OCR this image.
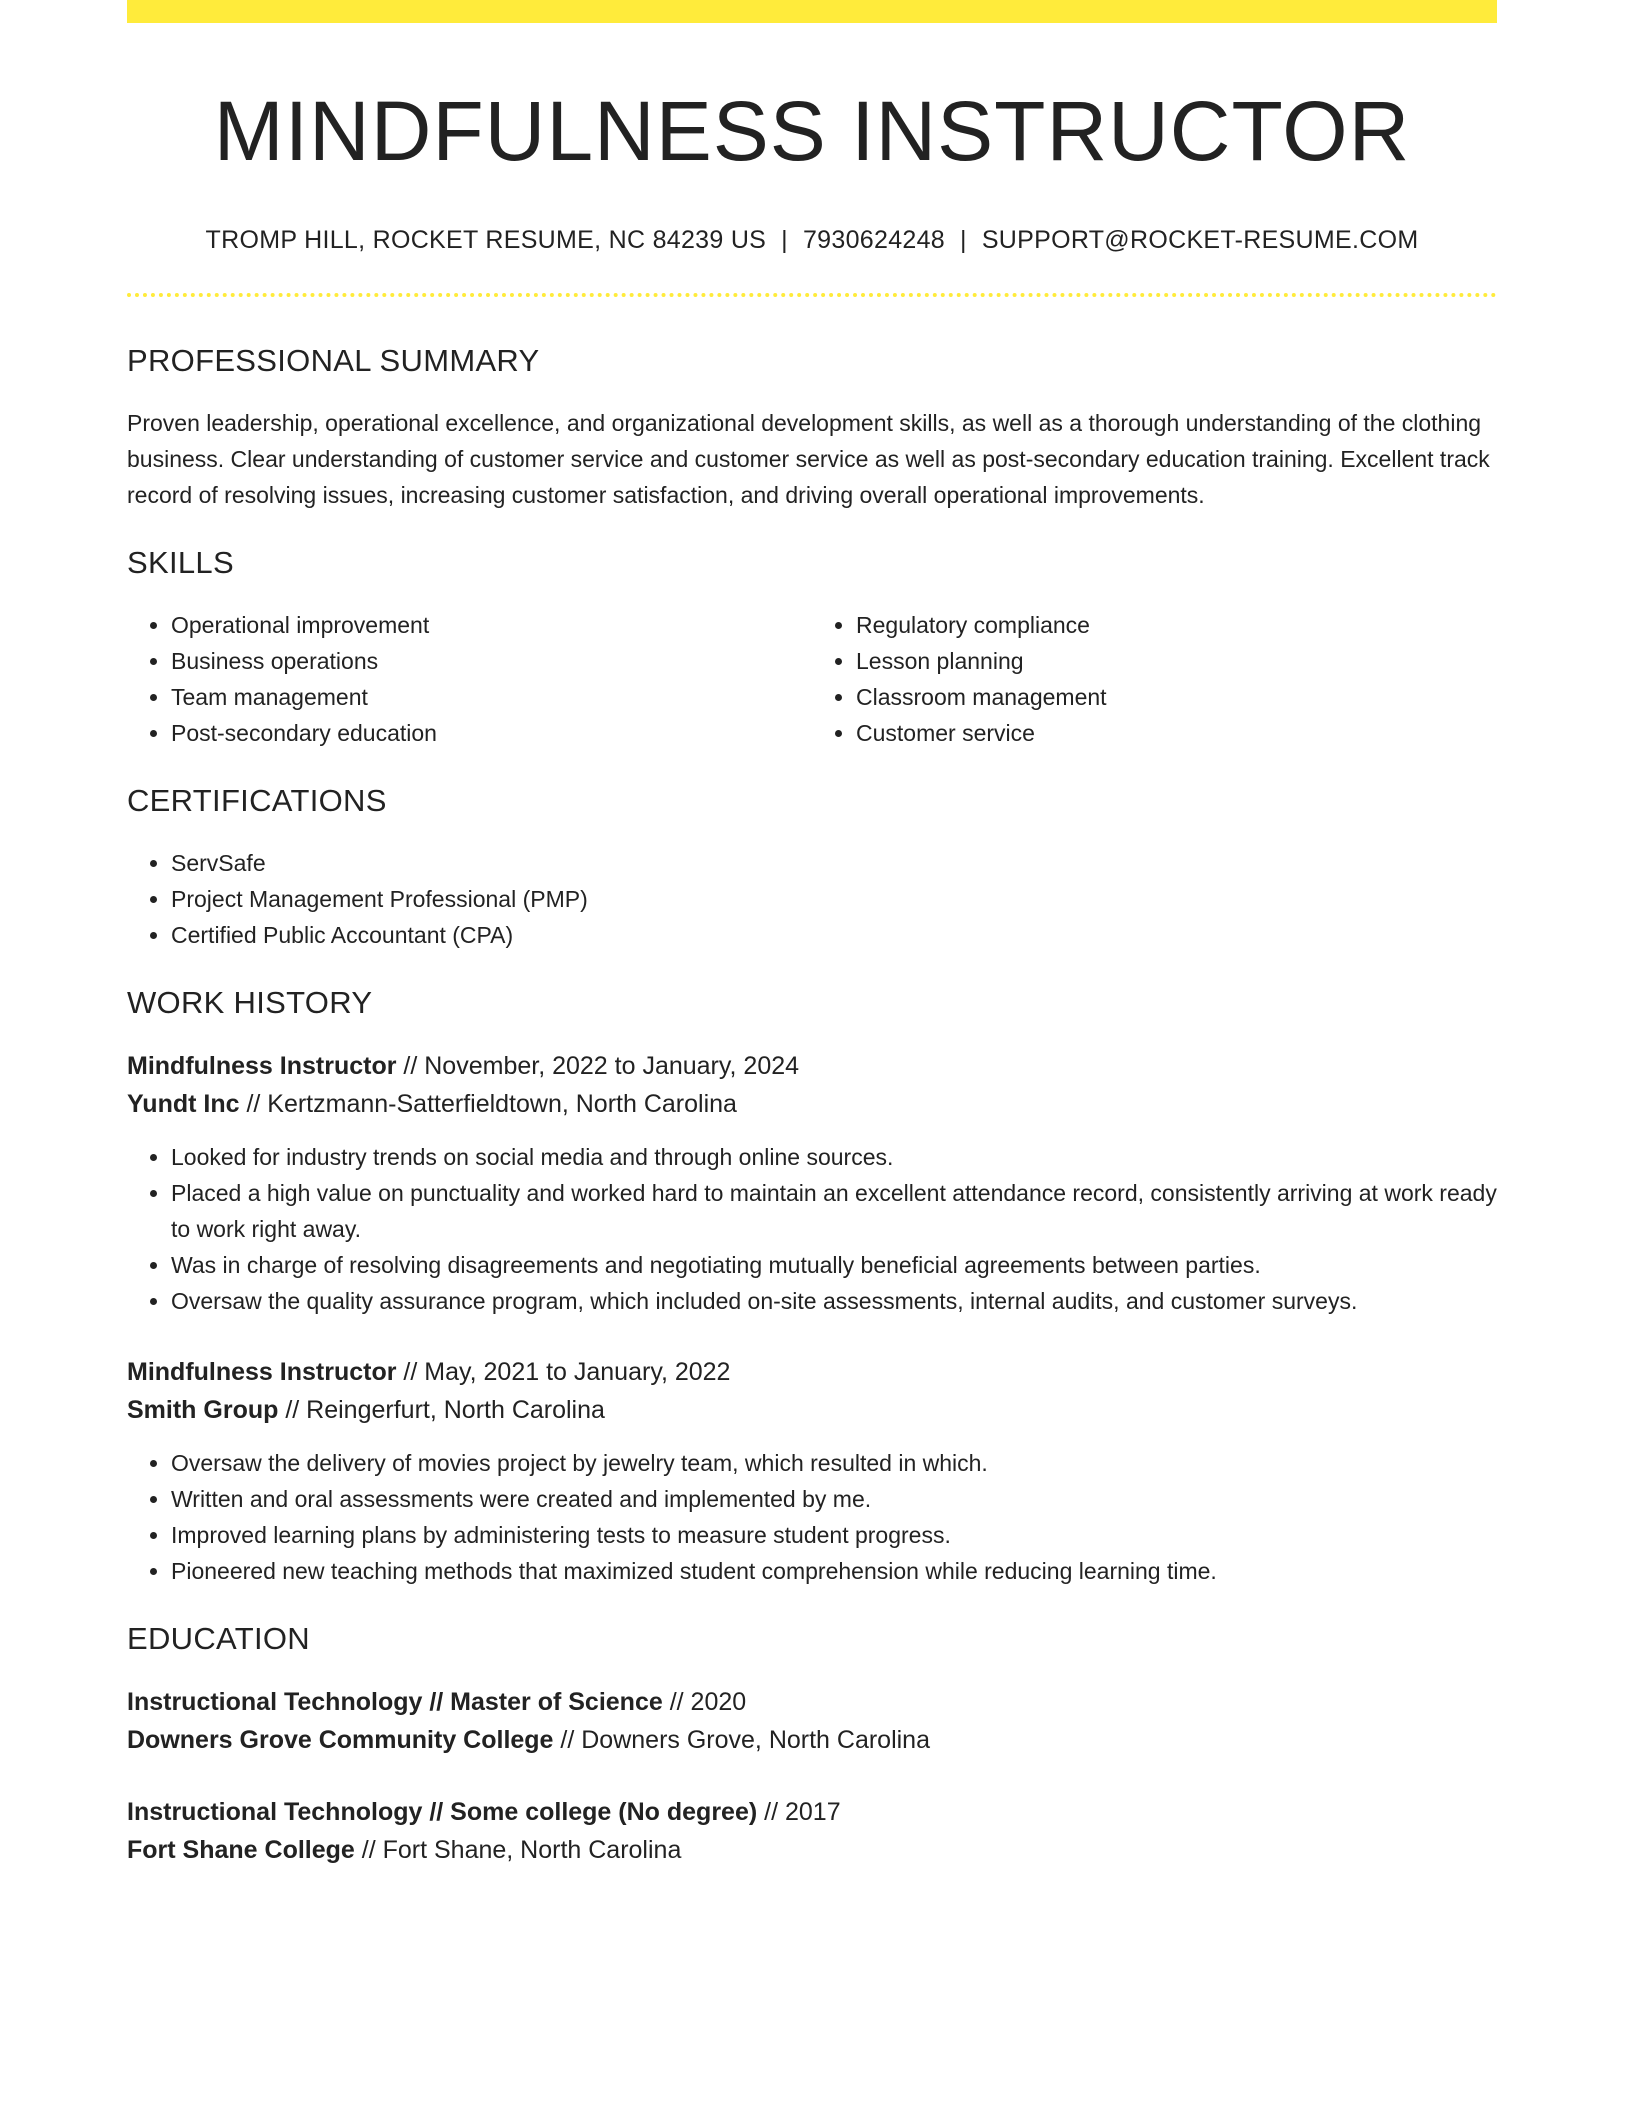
MINDFULNESS INSTRUCTOR
TROMP HILL, ROCKET RESUME, NC 84239 US | 7930624248 | SUPPORT@ROCKET-RESUME.COM
PROFESSIONAL SUMMARY

Proven leadership, operational excellence, and organizational development skills, as well as a thorough understanding of the clothing business. Clear understanding of customer service and customer service as well as post-secondary education training. Excellent track record of resolving issues, increasing customer satisfaction, and driving overall operational improvements.

SKILLS
• Operational improvement
• Business operations
• Team management
• Post-secondary education
• Regulatory compliance
• Lesson planning
• Classroom management
• Customer service
CERTIFICATIONS
• ServSafe
• Project Management Professional (PMP)
• Certified Public Accountant (CPA)
WORK HISTORY
Mindfulness Instructor // November, 2022 to January, 2024
Yundt Inc // Kertzmann-Satterfieldtown, North Carolina
• Looked for industry trends on social media and through online sources.
• Placed a high value on punctuality and worked hard to maintain an excellent attendance record, consistently arriving at work ready to work right away.
• Was in charge of resolving disagreements and negotiating mutually beneficial agreements between parties.
• Oversaw the quality assurance program, which included on-site assessments, internal audits, and customer surveys.
Mindfulness Instructor // May, 2021 to January, 2022
Smith Group // Reingerfurt, North Carolina
• Oversaw the delivery of movies project by jewelry team, which resulted in which.
• Written and oral assessments were created and implemented by me.
• Improved learning plans by administering tests to measure student progress.
• Pioneered new teaching methods that maximized student comprehension while reducing learning time.
EDUCATION
Instructional Technology // Master of Science // 2020
Downers Grove Community College // Downers Grove, North Carolina
Instructional Technology // Some college (No degree) // 2017
Fort Shane College // Fort Shane, North Carolina
